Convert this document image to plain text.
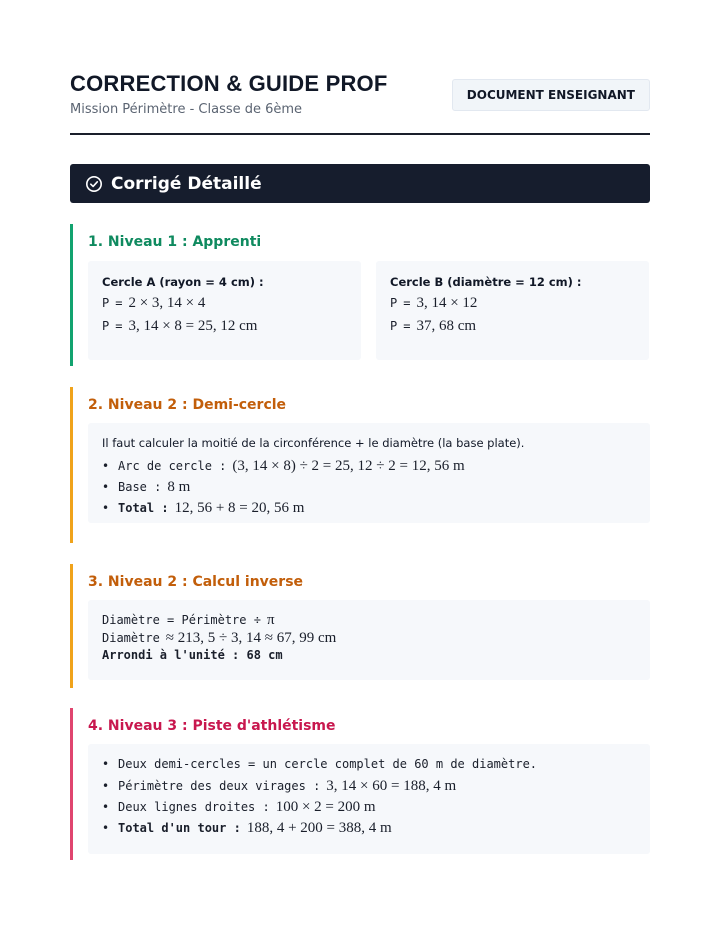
CORRECTION & GUIDE PROF
Mission Périmètre - Classe de 6ème
DOCUMENT ENSEIGNANT
Corrigé Détaillé
1. Niveau 1 : Apprenti
Cercle A (rayon = 4 cm) :
P = 2 × 3, 14 × 4
P = 3, 14 × 8 = 25, 12 cm
Cercle B (diamètre = 12 cm) :
P = 3, 14 × 12
P = 37, 68 cm
2. Niveau 2 : Demi-cercle
Il faut calculer la moitié de la circonférence + le diamètre (la base plate).
• Arc de cercle : (3, 14 × 8) ÷ 2 = 25, 12 ÷ 2 = 12, 56 m
• Base : 8 m
• Total : 12, 56 + 8 = 20, 56 m
3. Niveau 2 : Calcul inverse
Diamètre = Périmètre ÷ π
Diamètre ≈ 213, 5 ÷ 3, 14 ≈ 67, 99 cm
Arrondi à l'unité : 68 cm
4. Niveau 3 : Piste d'athlétisme
• Deux demi-cercles = un cercle complet de 60 m de diamètre.
• Périmètre des deux virages : 3, 14 × 60 = 188, 4 m
• Deux lignes droites : 100 × 2 = 200 m
• Total d'un tour : 188, 4 + 200 = 388, 4 m
